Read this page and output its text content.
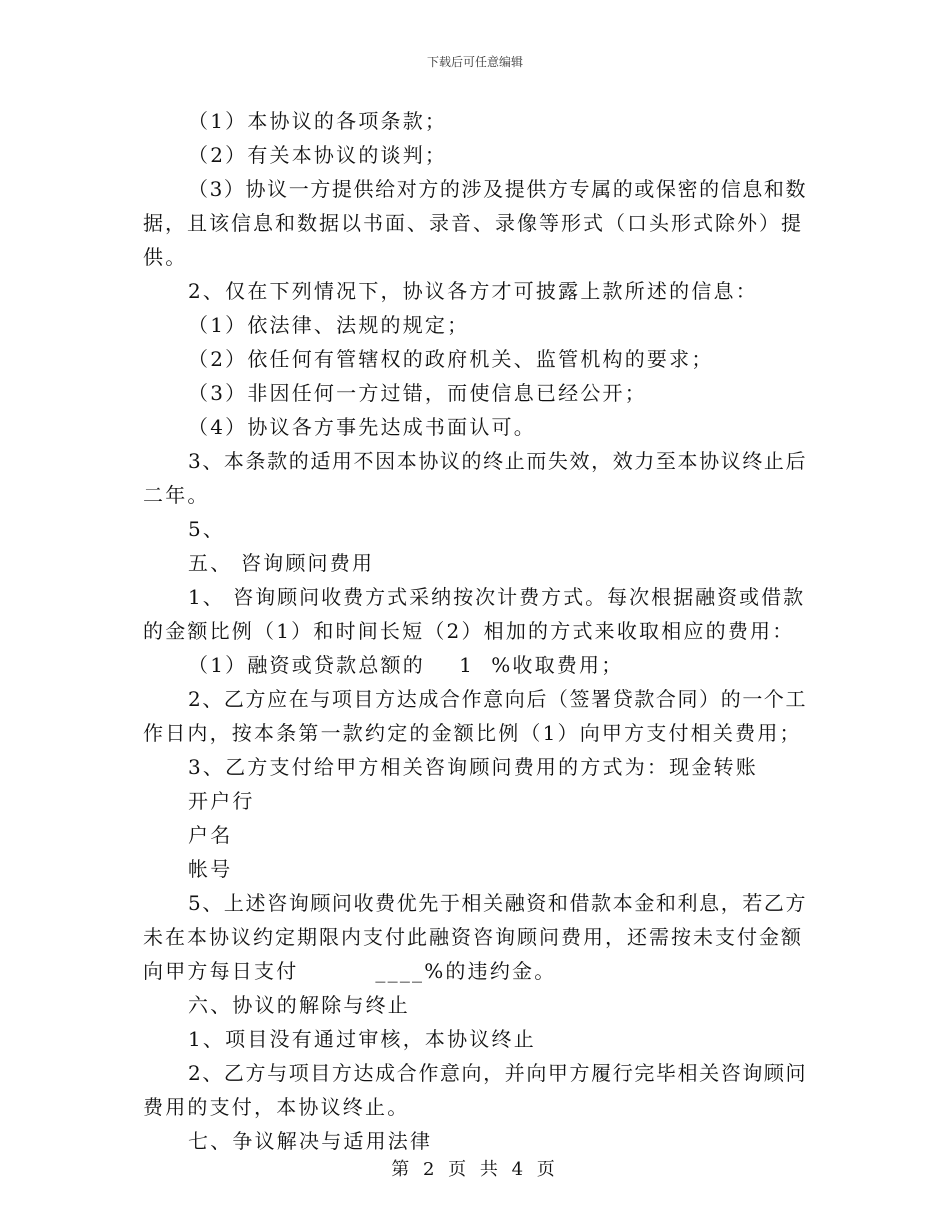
下载后可任意编辑
（1）本协议的各项条款；
（2）有关本协议的谈判；
（3）协议一方提供给对方的涉及提供方专属的或保密的信息和数
据，且该信息和数据以书面、录音、录像等形式（口头形式除外）提
供。
2、仅在下列情况下，协议各方才可披露上款所述的信息：
（1）依法律、法规的规定；
（2）依任何有管辖权的政府机关、监管机构的要求；
（3）非因任何一方过错，而使信息已经公开；
（4）协议各方事先达成书面认可。
3、本条款的适用不因本协议的终止而失效，效力至本协议终止后
二年。
5、
五、 咨询顾问费用
1、 咨询顾问收费方式采纳按次计费方式。每次根据融资或借款
的金额比例（1）和时间长短（2）相加的方式来收取相应的费用：
（1）融资或贷款总额的    1  %收取费用；
2、乙方应在与项目方达成合作意向后（签署贷款合同）的一个工
作日内，按本条第一款约定的金额比例（1）向甲方支付相关费用；
3、乙方支付给甲方相关咨询顾问费用的方式为：现金转账
开户行
户名
帐号
5、上述咨询顾问收费优先于相关融资和借款本金和利息，若乙方
未在本协议约定期限内支付此融资咨询顾问费用，还需按未支付金额
向甲方每日支付         ____%的违约金。
六、协议的解除与终止
1、项目没有通过审核，本协议终止
2、乙方与项目方达成合作意向，并向甲方履行完毕相关咨询顾问
费用的支付，本协议终止。
七、争议解决与适用法律
第 2 页 共 4 页
